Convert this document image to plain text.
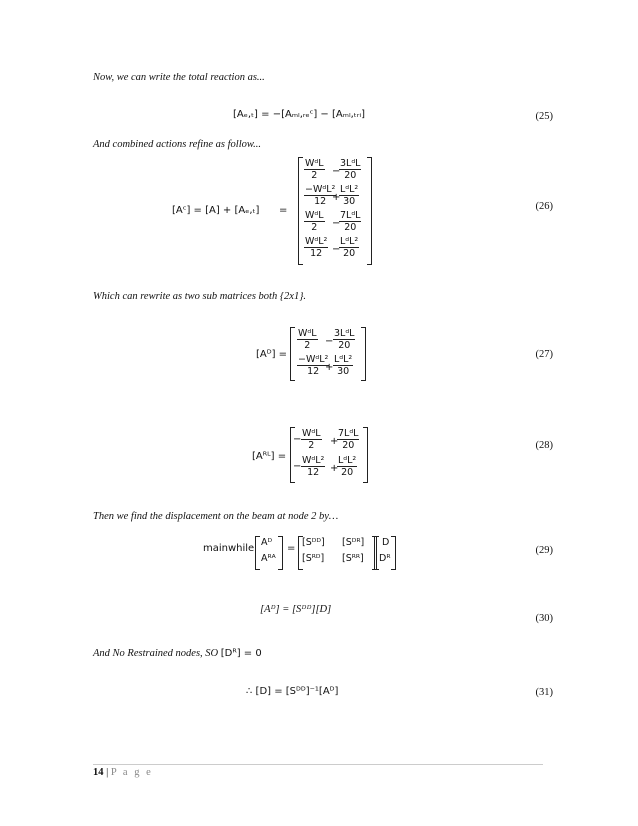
Now, we can write the total reaction as...
[Aₑ,ₜ] = −[Aₘₗ,ᵣₑᶜ] − [Aₘₗ,ₜᵣᵢ]	(25)
And combined actions refine as follow...
[Aᶜ] = [A] + [Aₑ,ₜ] =
WᵈL
2
3LᵈL
20
−
−WᵈL²
12
LᵈL²
30
+
WᵈL
2
7LᵈL
20
−
WᵈL²
12
LᵈL²
20
−
(26)
Which can rewrite as two sub matrices both {2x1}.
[Aᴰ] =
WᵈL
2
3LᵈL
20
−
−WᵈL²
12
LᵈL²
30
+
(27)
[Aᴿᴸ] =
−
WᵈL
2
7LᵈL
20
+
−
WᵈL²
12
LᵈL²
20
+
(28)
Then we find the displacement on the beam at node 2 by…
mainwhile
Aᴰ
Aᴿᴬ
=
[Sᴰᴰ] [Sᴰᴿ]
[Sᴿᴰ] [Sᴿᴿ]
D
Dᴿ
(29)
[Aᴰ] = [Sᴰᴰ][D]
(30)
And No Restrained nodes, SO [Dᴿ] = 0
∴ [D] = [Sᴰᴰ]⁻¹[Aᴰ]	(31)
14 | P a g e
